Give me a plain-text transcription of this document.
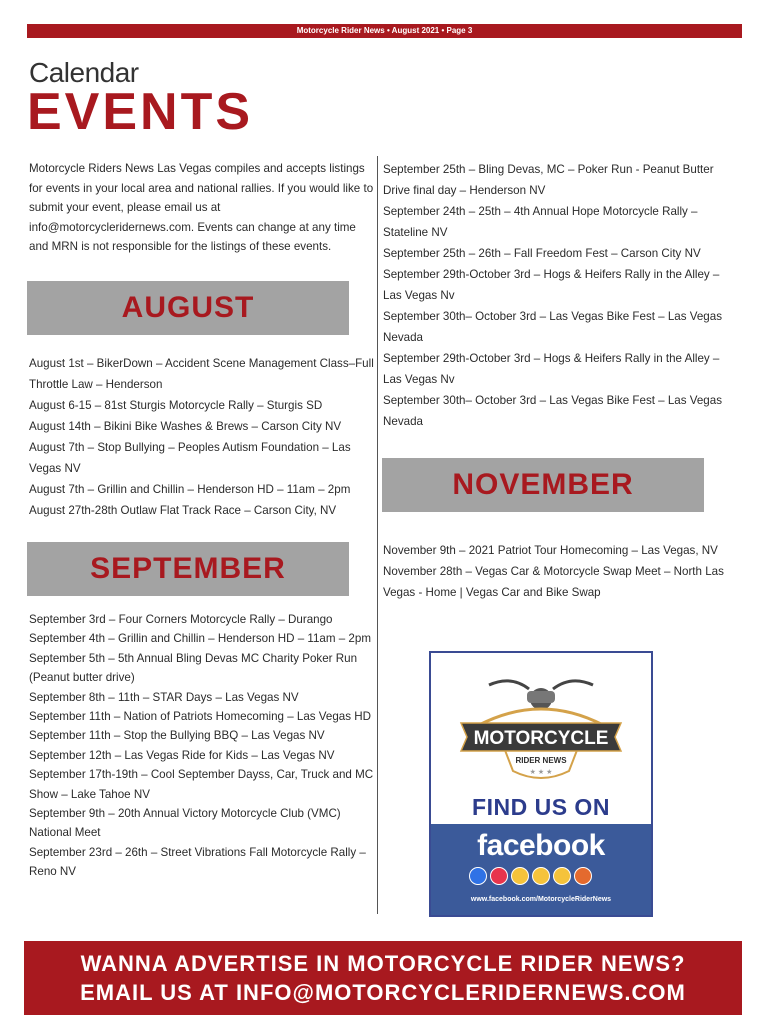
Motorcycle Rider News • August 2021 • Page 3
Calendar
EVENTS

Motorcycle Riders News Las Vegas compiles and accepts listings for events in your local area and national rallies. If you would like to submit your event, please email us at info@motorcycleridernews.com. Events can change at any time and MRN is not responsible for the listings of these events.

AUGUST
August 1st – BikerDown – Accident Scene Management Class–Full Throttle Law – Henderson
August 6-15 – 81st Sturgis Motorcycle Rally – Sturgis SD
August 14th – Bikini Bike Washes & Brews – Carson City NV
August 7th – Stop Bullying – Peoples Autism Foundation – Las Vegas NV
August 7th – Grillin and Chillin – Henderson HD – 11am – 2pm
August 27th-28th Outlaw Flat Track Race – Carson City, NV
SEPTEMBER
September 3rd – Four Corners Motorcycle Rally – Durango
September 4th – Grillin and Chillin – Henderson HD – 11am – 2pm
September 5th – 5th Annual Bling Devas MC Charity Poker Run (Peanut butter drive)
September 8th – 11th – STAR Days – Las Vegas NV
September 11th – Nation of Patriots Homecoming – Las Vegas HD
September 11th – Stop the Bullying BBQ – Las Vegas NV
September 12th – Las Vegas Ride for Kids – Las Vegas NV
September 17th-19th – Cool September Dayss, Car, Truck and MC Show – Lake Tahoe NV
September 9th – 20th Annual Victory Motorcycle Club (VMC) National Meet
September 23rd – 26th – Street Vibrations Fall Motorcycle Rally – Reno NV
September 25th – Bling Devas, MC – Poker Run - Peanut Butter Drive final day – Henderson NV
September 24th – 25th – 4th Annual Hope Motorcycle Rally – Stateline NV
September 25th – 26th – Fall Freedom Fest – Carson City NV
September 29th-October 3rd – Hogs & Heifers Rally in the Alley – Las Vegas Nv
September 30th– October 3rd – Las Vegas Bike Fest – Las Vegas Nevada
September 29th-October 3rd – Hogs & Heifers Rally in the Alley – Las Vegas Nv
September 30th– October 3rd – Las Vegas Bike Fest – Las Vegas Nevada
NOVEMBER
November 9th – 2021 Patriot Tour Homecoming – Las Vegas, NV
November 28th – Vegas Car & Motorcycle Swap Meet – North Las Vegas - Home | Vegas Car and Bike Swap
MOTORCYCLE
RIDER NEWS
★ ★ ★
FIND US ON
facebook
www.facebook.com/MotorcycleRiderNews
WANNA ADVERTISE IN MOTORCYCLE RIDER NEWS?
EMAIL US AT INFO@MOTORCYCLERIDERNEWS.COM
